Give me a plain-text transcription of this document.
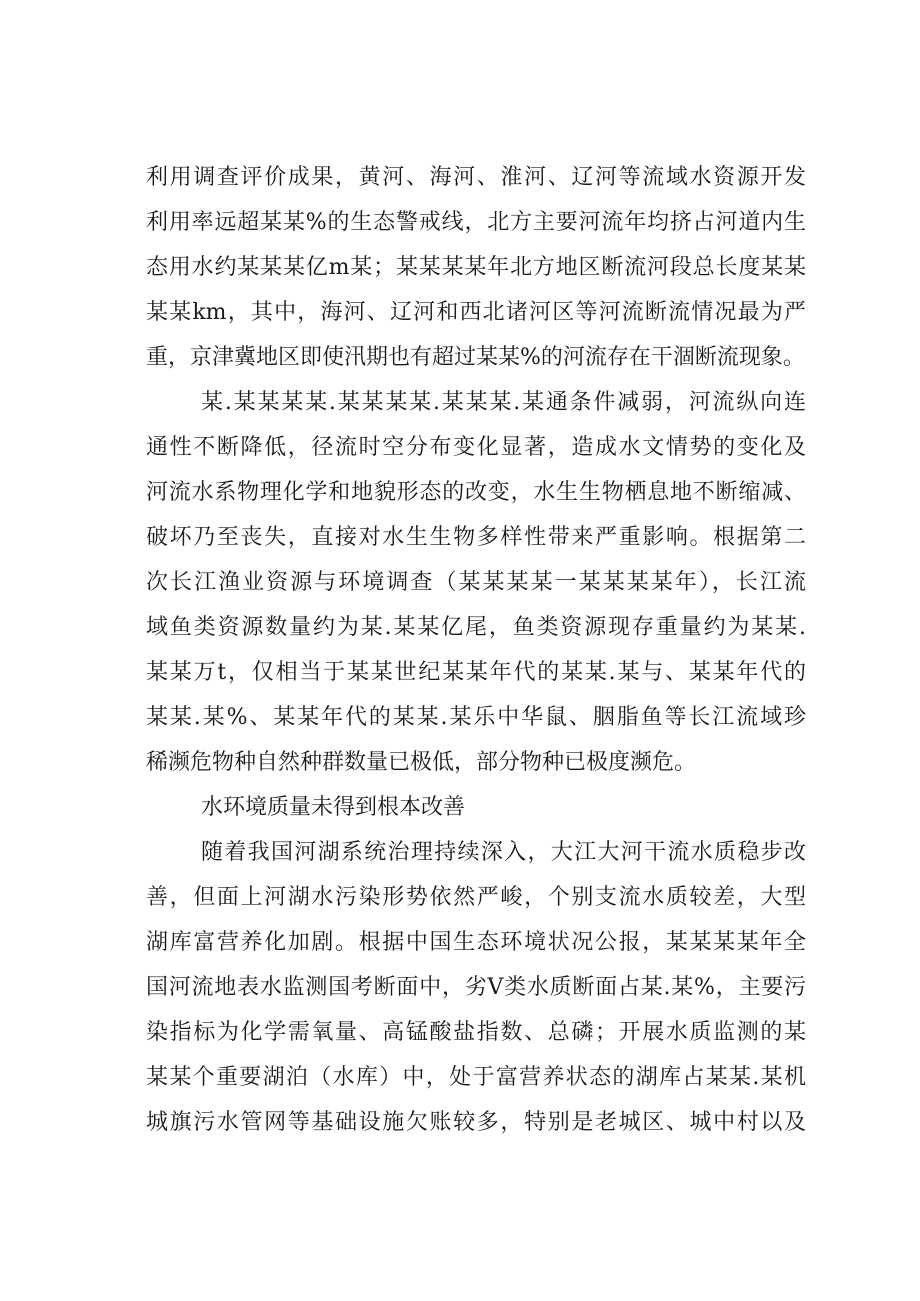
利用调查评价成果，黄河、海河、淮河、辽河等流域水资源开发
利用率远超某某%的生态警戒线，北方主要河流年均挤占河道内生
态用水约某某某亿m某；某某某某年北方地区断流河段总长度某某
某某km，其中，海河、辽河和西北诸河区等河流断流情况最为严
重，京津冀地区即使汛期也有超过某某%的河流存在干涸断流现象。
某.某某某某.某某某某.某某某.某通条件减弱，河流纵向连
通性不断降低，径流时空分布变化显著，造成水文情势的变化及
河流水系物理化学和地貌形态的改变，水生生物栖息地不断缩减、
破坏乃至丧失，直接对水生生物多样性带来严重影响。根据第二
次长江渔业资源与环境调查（某某某某一某某某某年），长江流
域鱼类资源数量约为某.某某亿尾，鱼类资源现存重量约为某某.
某某万t，仅相当于某某世纪某某年代的某某.某与、某某年代的
某某.某%、某某年代的某某.某乐中华鼠、胭脂鱼等长江流域珍
稀濒危物种自然种群数量已极低，部分物种已极度濒危。
水环境质量未得到根本改善
随着我国河湖系统治理持续深入，大江大河干流水质稳步改
善，但面上河湖水污染形势依然严峻，个别支流水质较差，大型
湖库富营养化加剧。根据中国生态环境状况公报，某某某某年全
国河流地表水监测国考断面中，劣V类水质断面占某.某%，主要污
染指标为化学需氧量、高锰酸盐指数、总磷；开展水质监测的某
某某个重要湖泊（水库）中，处于富营养状态的湖库占某某.某机
城旗污水管网等基础设施欠账较多，特别是老城区、城中村以及
